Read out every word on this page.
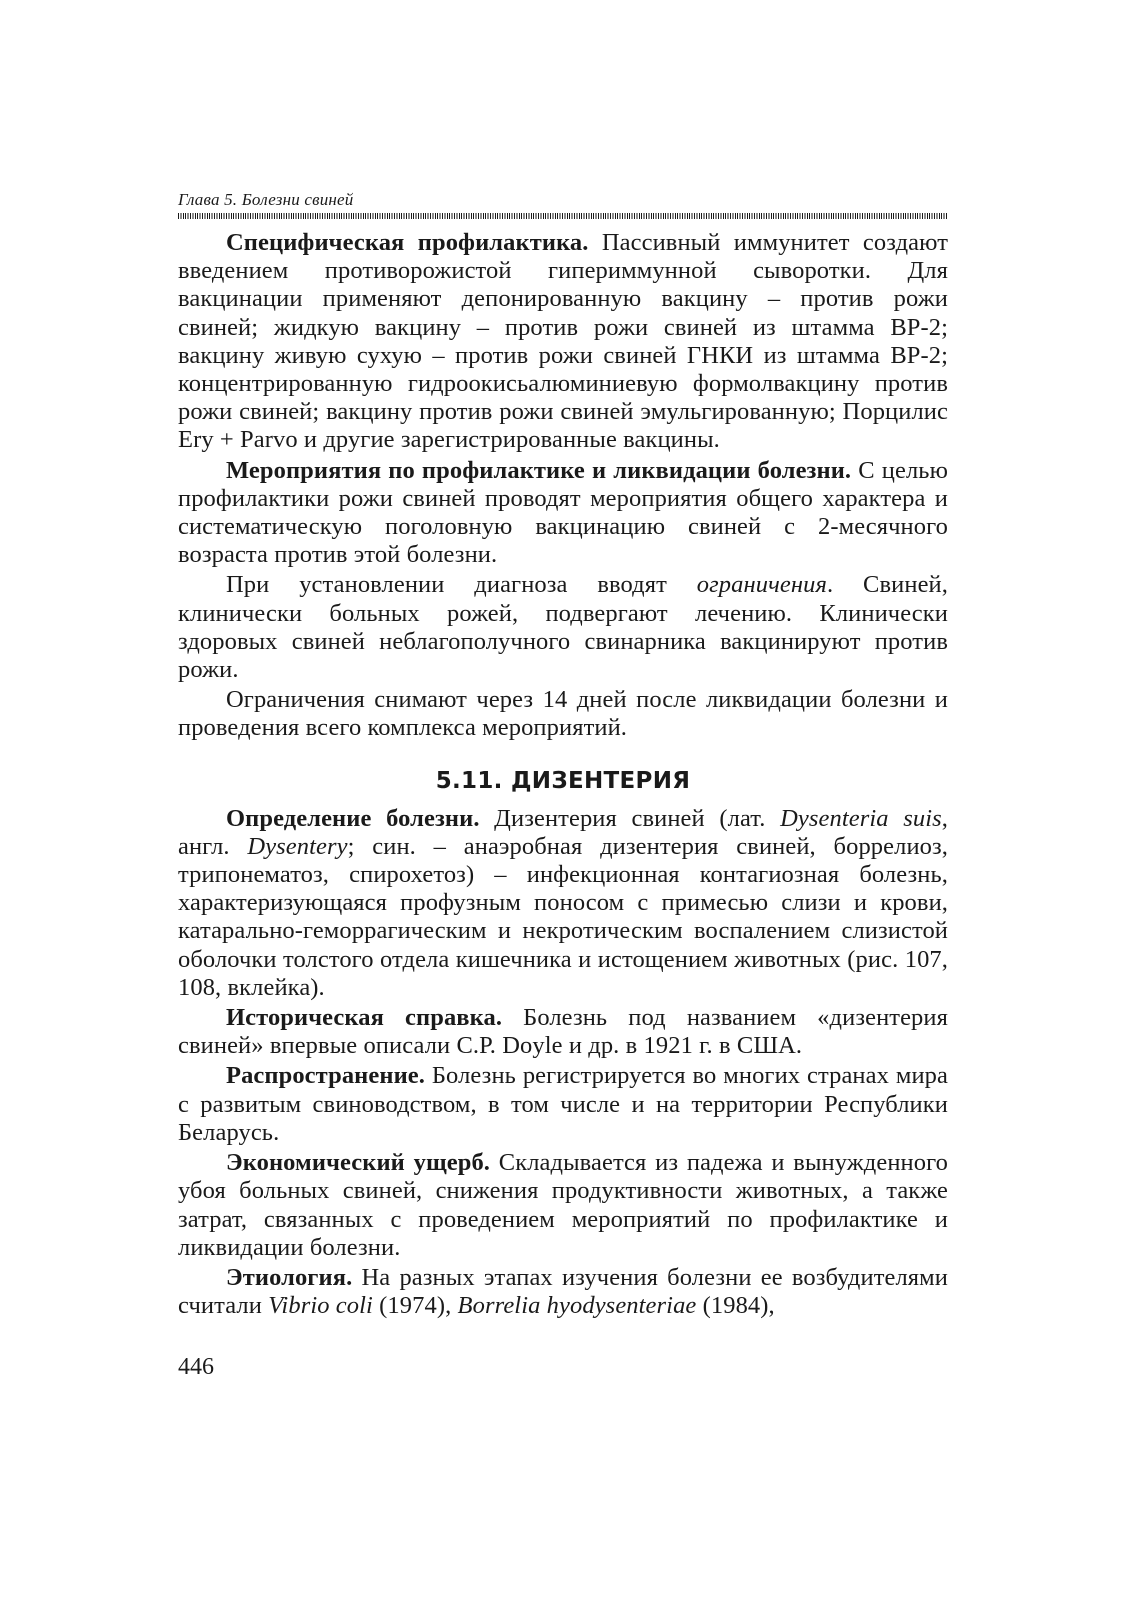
Глава 5. Болезни свиней

Специфическая профилактика. Пассивный иммунитет создают введением противорожистой гипериммунной сыворотки. Для вакцинации применяют депонированную вакцину – против рожи свиней; жидкую вакцину – против рожи свиней из штамма ВР-2; вакцину живую сухую – против рожи свиней ГНКИ из штамма ВР-2; концентрированную гидроокисьалюминиевую формолвакцину против рожи свиней; вакцину против рожи свиней эмульгированную; Порцилис Ery + Parvo и другие зарегистрированные вакцины.

Мероприятия по профилактике и ликвидации болезни. С целью профилактики рожи свиней проводят мероприятия общего характера и систематическую поголовную вакцинацию свиней с 2-месячного возраста против этой болезни.

При установлении диагноза вводят ограничения. Свиней, клинически больных рожей, подвергают лечению. Клинически здоровых свиней неблагополучного свинарника вакцинируют против рожи.

Ограничения снимают через 14 дней после ликвидации болезни и проведения всего комплекса мероприятий.

5.11. ДИЗЕНТЕРИЯ

Определение болезни. Дизентерия свиней (лат. Dysenteria suis, англ. Dysentery; син. – анаэробная дизентерия свиней, боррелиоз, трипонематоз, спирохетоз) – инфекционная контагиозная болезнь, характеризующаяся профузным поносом с примесью слизи и крови, катарально-геморрагическим и некротическим воспалением слизистой оболочки толстого отдела кишечника и истощением животных (рис. 107, 108, вклейка).

Историческая справка. Болезнь под названием «дизентерия свиней» впервые описали С.Р. Doyle и др. в 1921 г. в США.

Распространение. Болезнь регистрируется во многих странах мира с развитым свиноводством, в том числе и на территории Республики Беларусь.

Экономический ущерб. Складывается из падежа и вынужденного убоя больных свиней, снижения продуктивности животных, а также затрат, связанных с проведением мероприятий по профилактике и ликвидации болезни.

Этиология. На разных этапах изучения болезни ее возбудителями считали Vibrio coli (1974), Borrelia hyodysenteriae (1984),

446
